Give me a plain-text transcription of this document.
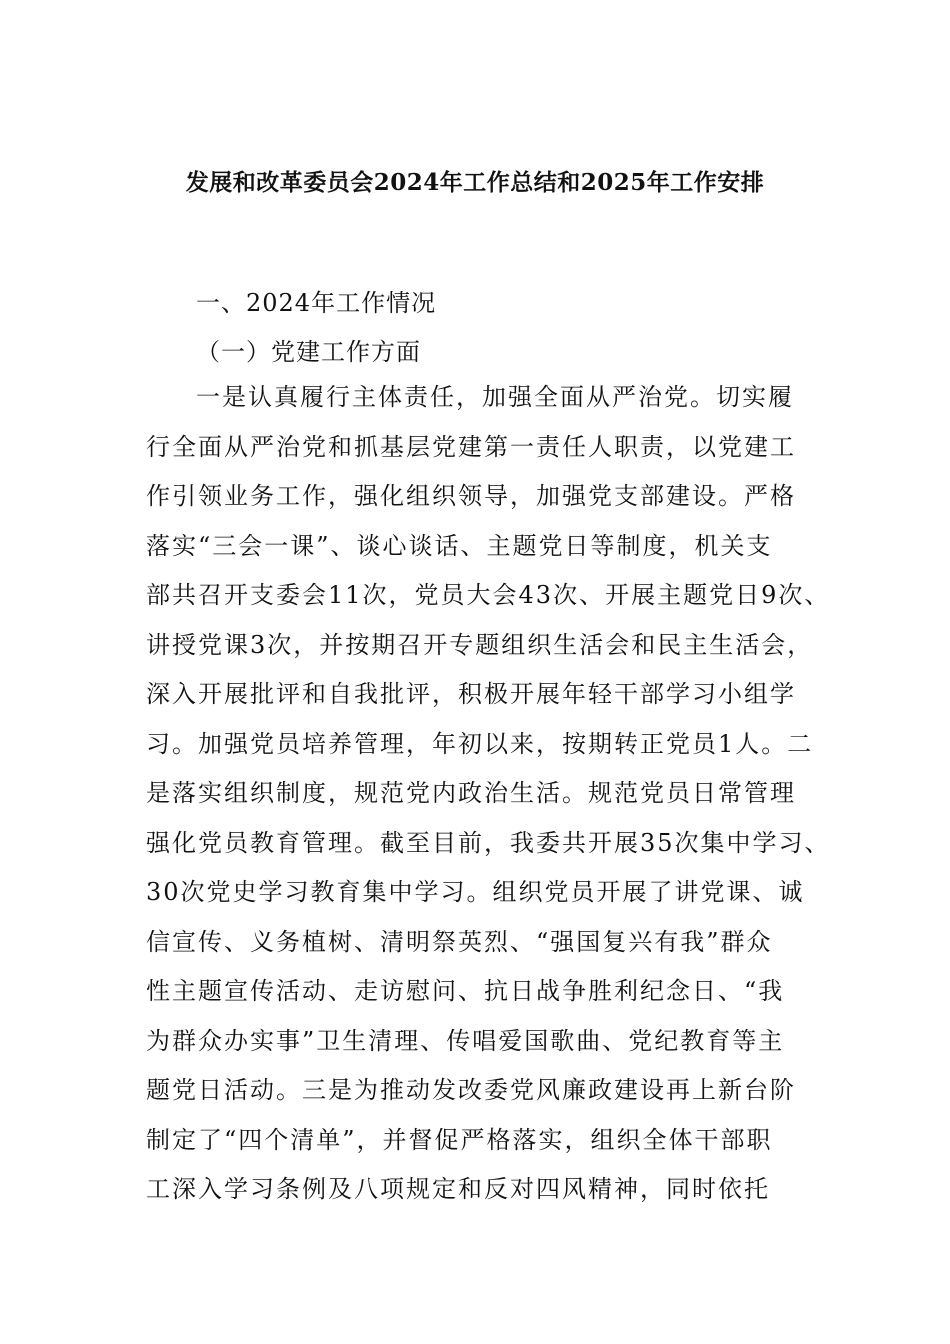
发展和改革委员会2024年工作总结和2025年工作安排
一、2024年工作情况
（一）党建工作方面
一是认真履行主体责任，加强全面从严治党。切实履
行全面从严治党和抓基层党建第一责任人职责，以党建工
作引领业务工作，强化组织领导，加强党支部建设。严格
落实“三会一课”、谈心谈话、主题党日等制度，机关支
部共召开支委会11次，党员大会43次、开展主题党日9次、
讲授党课3次，并按期召开专题组织生活会和民主生活会，
深入开展批评和自我批评，积极开展年轻干部学习小组学
习。加强党员培养管理，年初以来，按期转正党员1人。二
是落实组织制度，规范党内政治生活。规范党员日常管理
强化党员教育管理。截至目前，我委共开展35次集中学习、
30次党史学习教育集中学习。组织党员开展了讲党课、诚
信宣传、义务植树、清明祭英烈、“强国复兴有我”群众
性主题宣传活动、走访慰问、抗日战争胜利纪念日、“我
为群众办实事”卫生清理、传唱爱国歌曲、党纪教育等主
题党日活动。三是为推动发改委党风廉政建设再上新台阶
制定了“四个清单”，并督促严格落实，组织全体干部职
工深入学习条例及八项规定和反对四风精神，同时依托
